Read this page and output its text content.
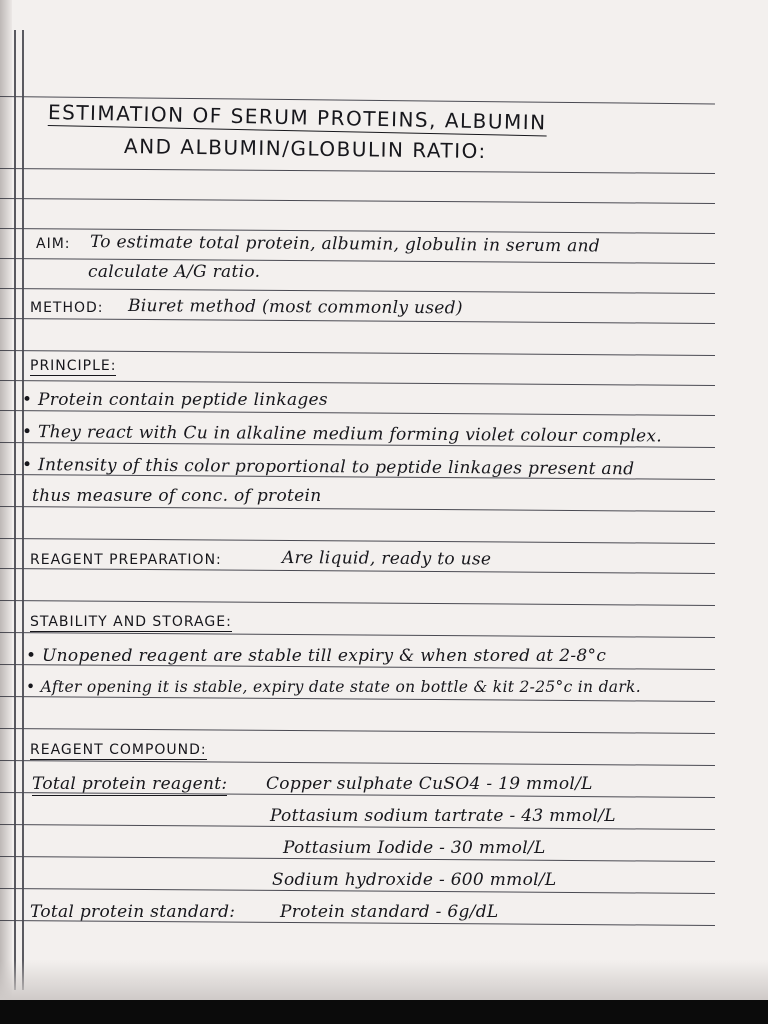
ESTIMATION OF SERUM PROTEINS, ALBUMIN
AND ALBUMIN/GLOBULIN RATIO:
AIM: To estimate total protein, albumin, globulin in serum and
calculate A/G ratio.
METHOD: Biuret method (most commonly used)
PRINCIPLE:
• Protein contain peptide linkages
• They react with Cu in alkaline medium forming violet colour complex.
• Intensity of this color proportional to peptide linkages present and
thus measure of conc. of protein
REAGENT PREPARATION:	Are liquid, ready to use
STABILITY AND STORAGE:
• Unopened reagent are stable till expiry & when stored at 2-8°c
• After opening it is stable, expiry date state on bottle & kit 2-25°c in dark.
REAGENT COMPOUND:
Total protein reagent: Copper sulphate CuSO4 - 19 mmol/L
Pottasium sodium tartrate - 43 mmol/L
Pottasium Iodide - 30 mmol/L
Sodium hydroxide - 600 mmol/L
Total protein standard:	Protein standard - 6g/dL
